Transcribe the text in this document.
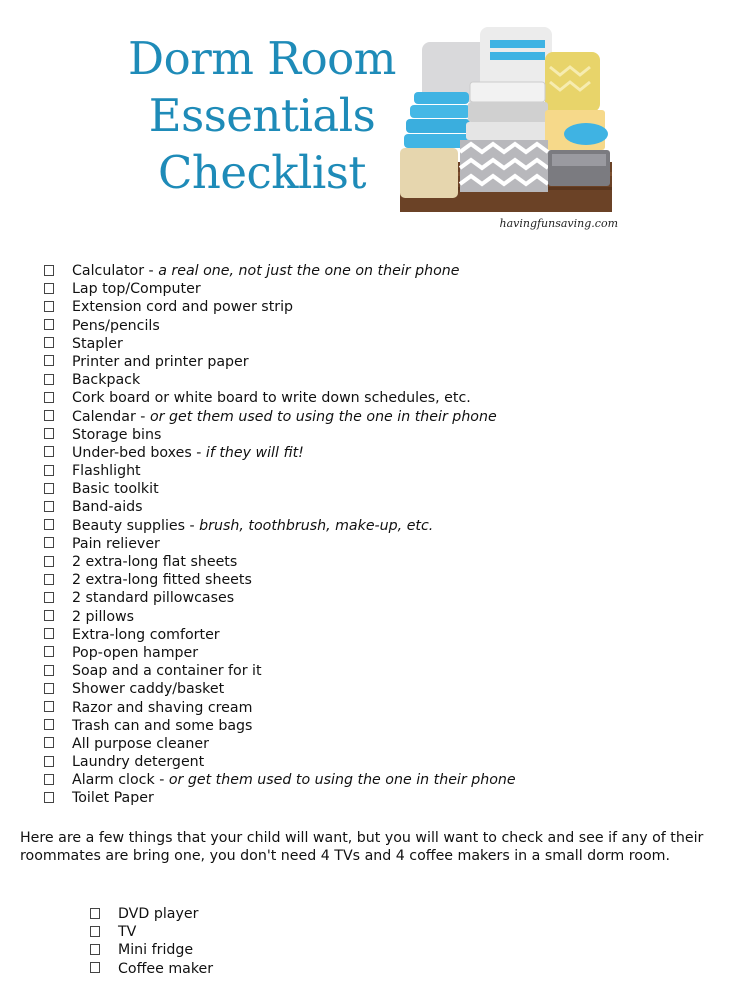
Dorm Room
Essentials
Checklist
havingfunsaving.com
Calculator - a real one, not just the one on their phone
Lap top/Computer
Extension cord and power strip
Pens/pencils
Stapler
Printer and printer paper
Backpack
Cork board or white board to write down schedules, etc.
Calendar - or get them used to using the one in their phone
Storage bins
Under-bed boxes - if they will fit!
Flashlight
Basic toolkit
Band-aids
Beauty supplies - brush, toothbrush, make-up, etc.
Pain reliever
2 extra-long flat sheets
2 extra-long fitted sheets
2 standard pillowcases
2 pillows
Extra-long comforter
Pop-open hamper
Soap and a container for it
Shower caddy/basket
Razor and shaving cream
Trash can and some bags
All purpose cleaner
Laundry detergent
Alarm clock - or get them used to using the one in their phone
Toilet Paper
Here are a few things that your child will want, but you will want to check and see if any of their roommates are bring one, you don't need 4 TVs and 4 coffee makers in a small dorm room.
DVD player
TV
Mini fridge
Coffee maker
